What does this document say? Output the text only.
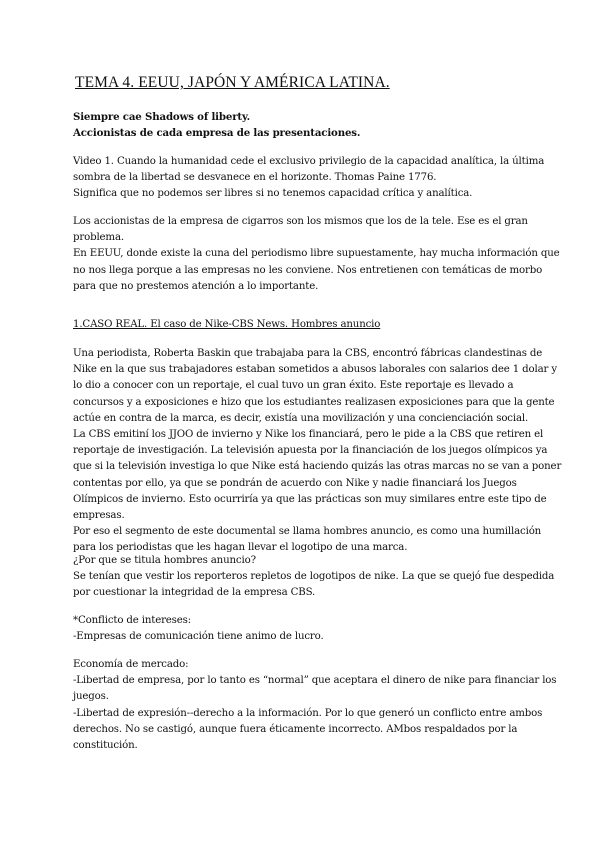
TEMA 4. EEUU, JAPÓN Y AMÉRICA LATINA.
Siempre cae Shadows of liberty.
Accionistas de cada empresa de las presentaciones.
Video 1. Cuando la humanidad cede el exclusivo privilegio de la capacidad analítica, la última
sombra de la libertad se desvanece en el horizonte. Thomas Paine 1776.
Significa que no podemos ser libres si no tenemos capacidad crítica y analítica.
Los accionistas de la empresa de cigarros son los mismos que los de la tele. Ese es el gran
problema.
En EEUU, donde existe la cuna del periodismo libre supuestamente, hay mucha información que
no nos llega porque a las empresas no les conviene. Nos entretienen con temáticas de morbo
para que no prestemos atención a lo importante.
1.CASO REAL. El caso de Nike-CBS News. Hombres anuncio
Una periodista, Roberta Baskin que trabajaba para la CBS, encontró fábricas clandestinas de
Nike en la que sus trabajadores estaban sometidos a abusos laborales con salarios dee 1 dolar y
lo dio a conocer con un reportaje, el cual tuvo un gran éxito. Este reportaje es llevado a
concursos y a exposiciones e hizo que los estudiantes realizasen exposiciones para que la gente
actúe en contra de la marca, es decir, existía una movilización y una concienciación social.
La CBS emitiní los JJOO de invierno y Nike los financiará, pero le pide a la CBS que retiren el
reportaje de investigación. La televisión apuesta por la financiación de los juegos olímpicos ya
que si la televisión investiga lo que Nike está haciendo quizás las otras marcas no se van a poner
contentas por ello, ya que se pondrán de acuerdo con Nike y nadie financiará los Juegos
Olímpicos de invierno. Esto ocurriría ya que las prácticas son muy similares entre este tipo de
empresas.
Por eso el segmento de este documental se llama hombres anuncio, es como una humillación
para los periodistas que les hagan llevar el logotipo de una marca.
¿Por que se titula hombres anuncio?
Se tenían que vestir los reporteros repletos de logotipos de nike. La que se quejó fue despedida
por cuestionar la integridad de la empresa CBS.
*Conflicto de intereses:
-Empresas de comunicación tiene animo de lucro.
Economía de mercado:
-Libertad de empresa, por lo tanto es “normal” que aceptara el dinero de nike para financiar los
juegos.
-Libertad de expresión--derecho a la información. Por lo que generó un conflicto entre ambos
derechos. No se castigó, aunque fuera éticamente incorrecto. AMbos respaldados por la
constitución.
